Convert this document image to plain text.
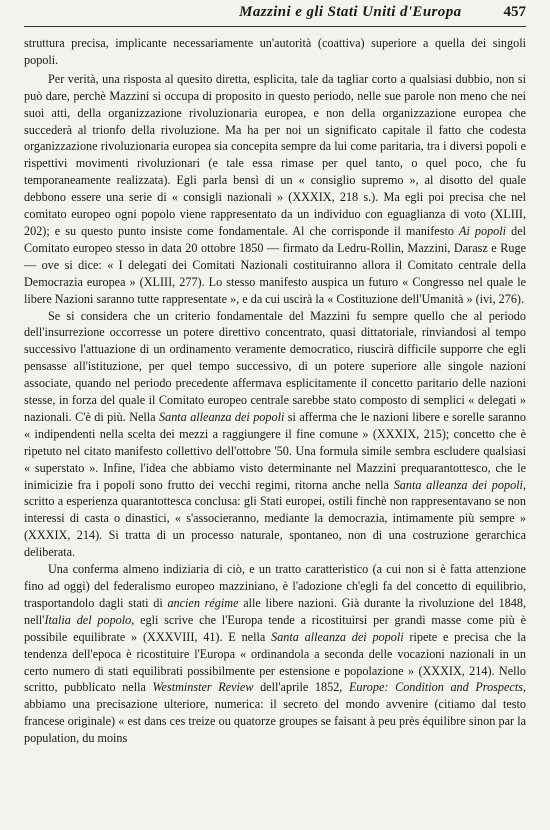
Mazzini e gli Stati Uniti d'Europa	457

struttura precisa, implicante necessariamente un'autorità (coattiva) superiore a quella dei singoli popoli.

Per verità, una risposta al quesito diretta, esplicita, tale da tagliar corto a qualsiasi dubbio, non si può dare, perchè Mazzini si occupa di proposito in questo periodo, nelle sue parole non meno che nei suoi atti, della organizzazione rivoluzionaria europea, e non della organizzazione europea che succederà al trionfo della rivoluzione. Ma ha per noi un significato capitale il fatto che codesta organizzazione rivoluzionaria europea sia concepita sempre da lui come paritaria, tra i diversi popoli e rispettivi movimenti rivoluzionari (e tale essa rimase per quel tanto, o quel poco, che fu temporaneamente realizzata). Egli parla bensì di un « consiglio supremo », al disotto del quale debbono essere una serie di « consigli nazionali » (XXXIX, 218 s.). Ma egli poi precisa che nel comitato europeo ogni popolo viene rappresentato da un individuo con eguaglianza di voto (XLIII, 202); e su questo punto insiste come fondamentale. Al che corrisponde il manifesto Ai popoli del Comitato europeo stesso in data 20 ottobre 1850 — firmato da Ledru-Rollin, Mazzini, Darasz e Ruge — ove si dice: « I delegati dei Comitati Nazionali costituiranno allora il Comitato centrale della Democrazia europea » (XLIII, 277). Lo stesso manifesto auspica un futuro « Congresso nel quale le libere Nazioni saranno tutte rappresentate », e da cui uscirà la « Costituzione dell'Umanità » (ivi, 276).

Se si considera che un criterio fondamentale del Mazzini fu sempre quello che al periodo dell'insurrezione occorresse un potere direttivo concentrato, quasi dittatoriale, rinviandosi al tempo successivo l'attuazione di un ordinamento veramente democratico, riuscirà difficile supporre che egli pensasse all'istituzione, per quel tempo successivo, di un potere superiore alle singole nazioni associate, quando nel periodo precedente affermava esplicitamente il concetto paritario delle nazioni stesse, in forza del quale il Comitato europeo centrale sarebbe stato composto di semplici « delegati » nazionali. C'è di più. Nella Santa alleanza dei popoli si afferma che le nazioni libere e sorelle saranno « indipendenti nella scelta dei mezzi a raggiungere il fine comune » (XXXIX, 215); concetto che è ripetuto nel citato manifesto collettivo dell'ottobre '50. Una formula simile sembra escludere qualsiasi « superstato ». Infine, l'idea che abbiamo visto determinante nel Mazzini prequarantottesco, che le inimicizie fra i popoli sono frutto dei vecchi regimi, ritorna anche nella Santa alleanza dei popoli, scritto a esperienza quarantottesca conclusa: gli Stati europei, ostili finchè non rappresentavano se non interessi di casta o dinastici, « s'associeranno, mediante la democrazia, intimamente più sempre » (XXXIX, 214). Si tratta di un processo naturale, spontaneo, non di una costruzione gerarchica deliberata.

Una conferma almeno indiziaria di ciò, e un tratto caratteristico (a cui non si è fatta attenzione fino ad oggi) del federalismo europeo mazziniano, è l'adozione ch'egli fa del concetto di equilibrio, trasportandolo dagli stati di ancien régime alle libere nazioni. Già durante la rivoluzione del 1848, nell'Italia del popolo, egli scrive che l'Europa tende a ricostituirsi per grandi masse come più è possibile equilibrate » (XXXVIII, 41). E nella Santa alleanza dei popoli ripete e precisa che la tendenza dell'epoca è ricostituire l'Europa « ordinandola a seconda delle vocazioni nazionali in un certo numero di stati equilibrati possibilmente per estensione e popolazione » (XXXIX, 214). Nello scritto, pubblicato nella Westminster Review dell'aprile 1852, Europe: Condition and Prospects, abbiamo una precisazione ulteriore, numerica: il secreto del mondo avvenire (citiamo dal testo francese originale) « est dans ces treize ou quatorze groupes se faisant à peu près équilibre sinon par la population, du moins
